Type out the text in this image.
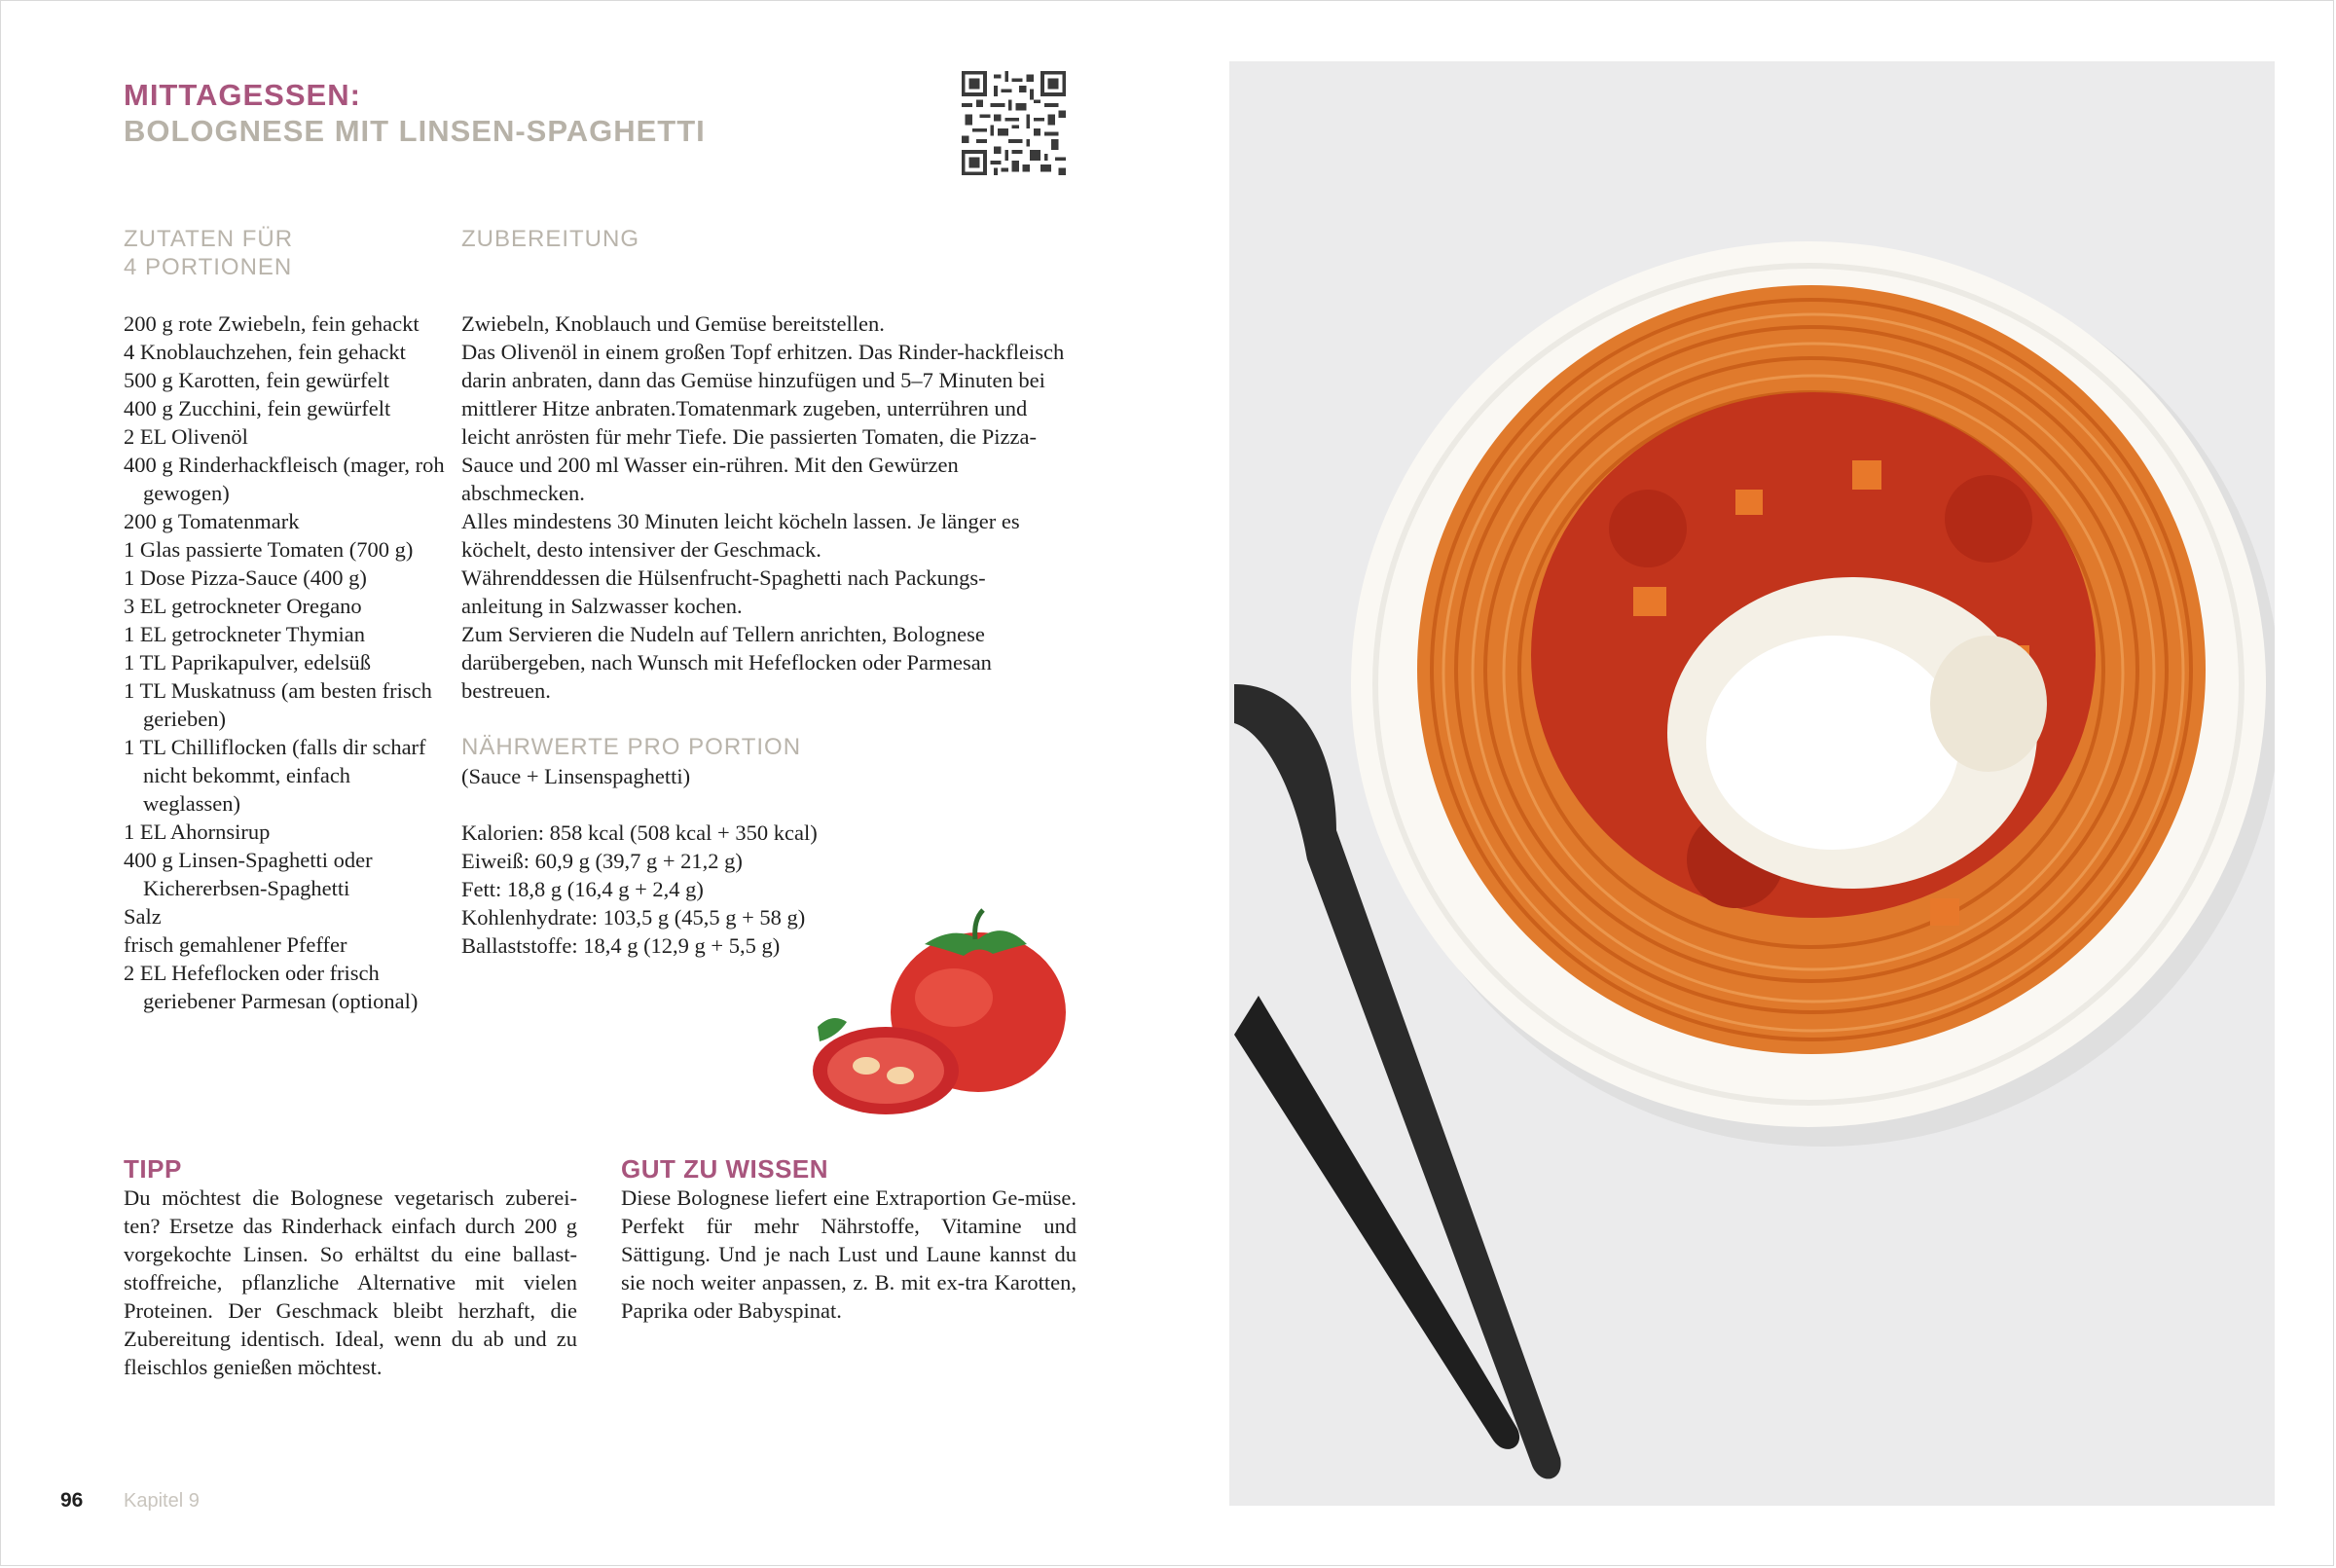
MITTAGESSEN:
BOLOGNESE MIT LINSEN-SPAGHETTI
ZUTATEN FÜR
4 PORTIONEN
ZUBEREITUNG
200 g rote Zwiebeln, fein gehackt
4 Knoblauchzehen, fein gehackt
500 g Karotten, fein gewürfelt
400 g Zucchini, fein gewürfelt
2 EL Olivenöl
400 g Rinderhackfleisch (mager, roh gewogen)
200 g Tomatenmark
1 Glas passierte Tomaten (700 g)
1 Dose Pizza-Sauce (400 g)
3 EL getrockneter Oregano
1 EL getrockneter Thymian
1 TL Paprikapulver, edelsüß
1 TL Muskatnuss (am besten frisch gerieben)
1 TL Chilliflocken (falls dir scharf nicht bekommt, einfach weglassen)
1 EL Ahornsirup
400 g Linsen-Spaghetti oder Kichererbsen-Spaghetti
Salz
frisch gemahlener Pfeffer
2 EL Hefeflocken oder frisch geriebener Parmesan (optional)

Zwiebeln, Knoblauch und Gemüse bereitstellen.

Das Olivenöl in einem großen Topf erhitzen. Das Rinder-hackfleisch darin anbraten, dann das Gemüse hinzufügen und 5–7 Minuten bei mittlerer Hitze anbraten.Tomatenmark zugeben, unterrühren und leicht anrösten für mehr Tiefe. Die passierten Tomaten, die Pizza-Sauce und 200 ml Wasser ein-rühren. Mit den Gewürzen abschmecken.

Alles mindestens 30 Minuten leicht köcheln lassen. Je länger es köchelt, desto intensiver der Geschmack.

Währenddessen die Hülsenfrucht-Spaghetti nach Packungs-anleitung in Salzwasser kochen.

Zum Servieren die Nudeln auf Tellern anrichten, Bolognese darübergeben, nach Wunsch mit Hefeflocken oder Parmesan bestreuen.

NÄHRWERTE PRO PORTION
(Sauce + Linsenspaghetti)
Kalorien: 858 kcal (508 kcal + 350 kcal)
Eiweiß: 60,9 g (39,7 g + 21,2 g)
Fett: 18,8 g (16,4 g + 2,4 g)
Kohlenhydrate: 103,5 g (45,5 g + 58 g)
Ballaststoffe: 18,4 g (12,9 g + 5,5 g)
TIPP
Du möchtest die Bolognese vegetarisch zuberei-ten? Ersetze das Rinderhack einfach durch 200 g vorgekochte Linsen. So erhältst du eine ballast-stoffreiche, pflanzliche Alternative mit vielen Proteinen. Der Geschmack bleibt herzhaft, die Zubereitung identisch. Ideal, wenn du ab und zu fleischlos genießen möchtest.
GUT ZU WISSEN
Diese Bolognese liefert eine Extraportion Ge-müse. Perfekt für mehr Nährstoffe, Vitamine und Sättigung. Und je nach Lust und Laune kannst du sie noch weiter anpassen, z. B. mit ex-tra Karotten, Paprika oder Babyspinat.
96 Kapitel 9
